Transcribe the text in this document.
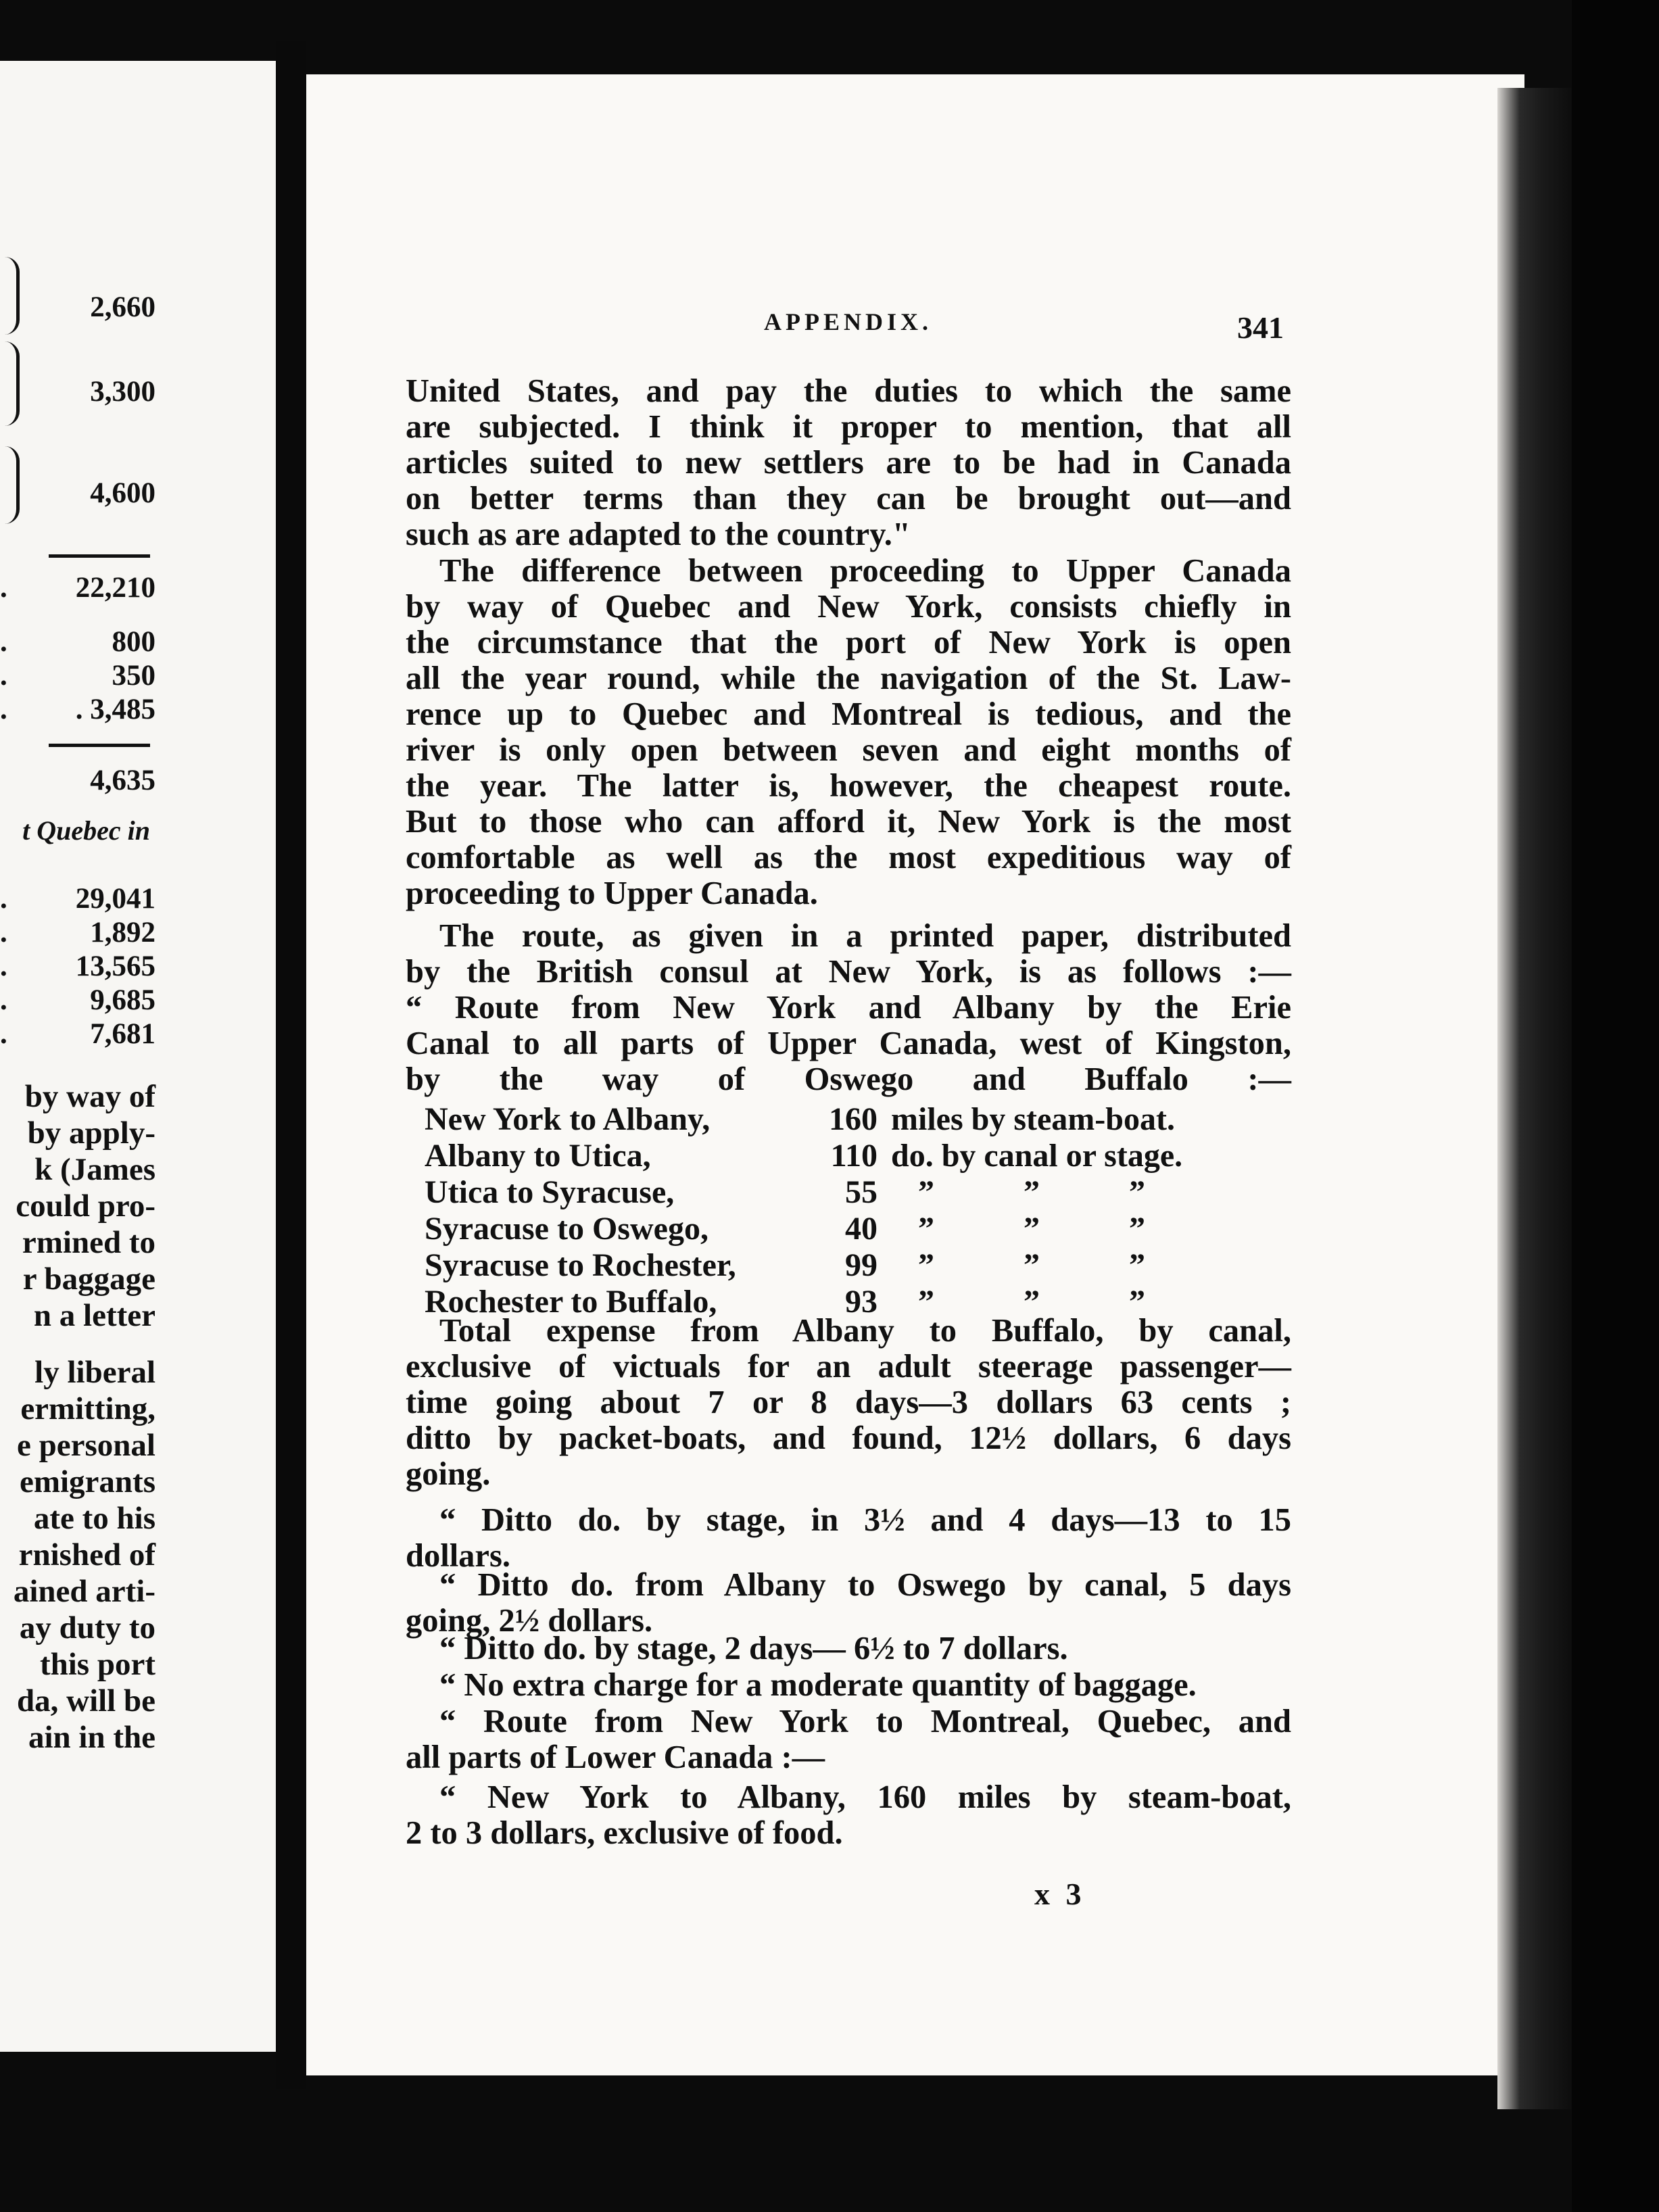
t Quebec in
2,660
3,300
4,600
.	22,210
.	800
.	350
.	. 3,485
4,635
.	29,041
.	1,892
.	13,565
.	9,685
.	7,681
by way of
by apply-
k (James
could pro-
rmined to
r baggage
n a letter
ly liberal
ermitting,
e personal
emigrants
ate to his
rnished of
ained arti-
ay duty to
this port
da, will be
ain in the
APPENDIX.	341
United States, and pay the duties to which the same
are subjected. I think it proper to mention, that all
articles suited to new settlers are to be had in Canada
on better terms than they can be brought out—and
such as are adapted to the country."
The difference between proceeding to Upper Canada
by way of Quebec and New York, consists chiefly in
the circumstance that the port of New York is open
all the year round, while the navigation of the St. Law-
rence up to Quebec and Montreal is tedious, and the
river is only open between seven and eight months of
the year. The latter is, however, the cheapest route.
But to those who can afford it, New York is the most
comfortable as well as the most expeditious way of
proceeding to Upper Canada.
The route, as given in a printed paper, distributed
by the British consul at New York, is as follows :—
“ Route from New York and Albany by the Erie
Canal to all parts of Upper Canada, west of Kingston,
by the way of Oswego and Buffalo :—
Total expense from Albany to Buffalo, by canal,
exclusive of victuals for an adult steerage passenger—
time going about 7 or 8 days—3 dollars 63 cents ;
ditto by packet-boats, and found, 12½ dollars, 6 days
going.
“ Ditto do. by stage, in 3½ and 4 days—13 to 15
dollars.
“ Ditto do. from Albany to Oswego by canal, 5 days
going, 2½ dollars.
“ Ditto do. by stage, 2 days— 6½ to 7 dollars.
“ No extra charge for a moderate quantity of baggage.
“ Route from New York to Montreal, Quebec, and
all parts of Lower Canada :—
“ New York to Albany, 160 miles by steam-boat,
2 to 3 dollars, exclusive of food.
New York to Albany,	160 miles by steam-boat.
Albany to Utica,	110 do. by canal or stage.
Utica to Syracuse,	55 ”           ”           ”
Syracuse to Oswego,	40 ”           ”           ”
Syracuse to Rochester,	99 ”           ”           ”
Rochester to Buffalo,	93 ”           ”           ”
x 3
